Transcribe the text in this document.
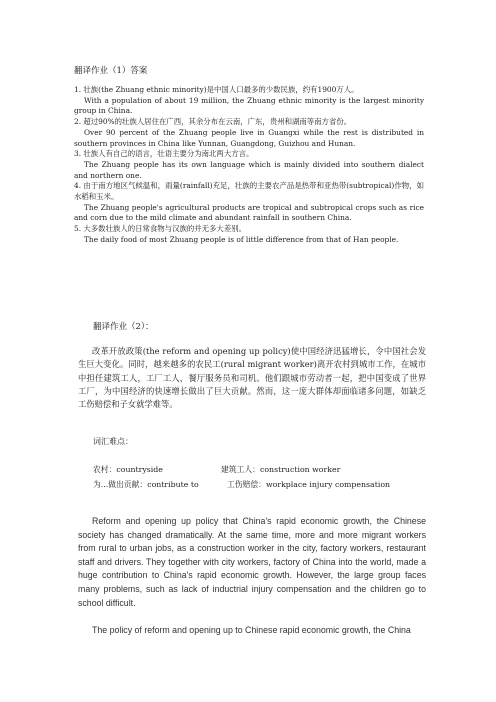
翻译作业（1）答案

1. 壮族(the Zhuang ethnic minority)是中国人口最多的少数民族，约有1900万人。

With a population of about 19 million, the Zhuang ethnic minority is the largest minority group in China.

2. 超过90%的壮族人居住在广西，其余分布在云南，广东，贵州和湖南等南方省份。

Over 90 percent of the Zhuang people live in Guangxi while the rest is distributed in southern provinces in China like Yunnan, Guangdong, Guizhou and Hunan.

3. 壮族人有自己的语言，壮语主要分为南北两大方言。

The Zhuang people has its own language which is mainly divided into southern dialect and northern one.

4. 由于南方地区气候温和，雨量(rainfall)充足，壮族的主要农产品是热带和亚热带(subtropical)作物，如水稻和玉米。

The Zhuang people's agricultural products are tropical and subtropical crops such as rice and corn due to the mild climate and abundant rainfall in southern China.

5. 大多数壮族人的日常食物与汉族的并无多大差别。

The daily food of most Zhuang people is of little difference from that of Han people.

翻译作业（2）：

改革开放政策(the reform and opening up policy)使中国经济迅猛增长，令中国社会发生巨大变化。同时，越来越多的农民工(rural migrant worker)离开农村到城市工作，在城市中担任建筑工人，工厂工人，餐厅服务员和司机。他们跟城市劳动者一起，把中国变成了世界工厂，为中国经济的快速增长做出了巨大贡献。然而，这一庞大群体却面临诸多问题，如缺乏工伤赔偿和子女就学难等。

词汇难点：
农村：countryside	建筑工人：construction worker
为...做出贡献：contribute to	工伤赔偿：workplace injury compensation

Reform and opening up policy that China's rapid economic growth, the Chinese society has changed dramatically. At the same time, more and more migrant workers from rural to urban jobs, as a construction worker in the city, factory workers, restaurant staff and drivers. They together with city workers, factory of China into the world, made a huge contribution to China's rapid economic growth. However, the large group faces many problems, such as lack of inductrial injury compensation and the children go to school difficult.

The policy of reform and opening up to Chinese rapid economic growth, the China
